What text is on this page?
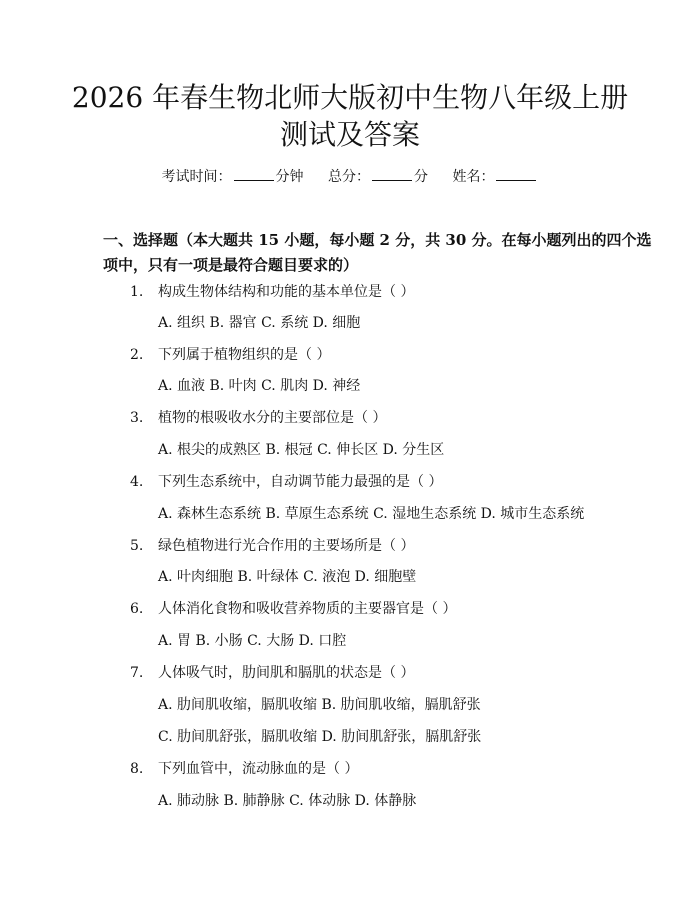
2026 年春生物北师大版初中生物八年级上册
测试及答案
考试时间：	分钟 总分：	分 姓名：
一、选择题（本大题共 15 小题，每小题 2 分，共 30 分。在每小题列出的四个选项中，只有一项是最符合题目要求的）
1. 构成生物体结构和功能的基本单位是（ ）
A. 组织 B. 器官 C. 系统 D. 细胞
2. 下列属于植物组织的是（ ）
A. 血液 B. 叶肉 C. 肌肉 D. 神经
3. 植物的根吸收水分的主要部位是（ ）
A. 根尖的成熟区 B. 根冠 C. 伸长区 D. 分生区
4. 下列生态系统中，自动调节能力最强的是（ ）
A. 森林生态系统 B. 草原生态系统 C. 湿地生态系统 D. 城市生态系统
5. 绿色植物进行光合作用的主要场所是（ ）
A. 叶肉细胞 B. 叶绿体 C. 液泡 D. 细胞壁
6. 人体消化食物和吸收营养物质的主要器官是（ ）
A. 胃 B. 小肠 C. 大肠 D. 口腔
7. 人体吸气时，肋间肌和膈肌的状态是（ ）
A. 肋间肌收缩，膈肌收缩 B. 肋间肌收缩，膈肌舒张
C. 肋间肌舒张，膈肌收缩 D. 肋间肌舒张，膈肌舒张
8. 下列血管中，流动脉血的是（ ）
A. 肺动脉 B. 肺静脉 C. 体动脉 D. 体静脉
